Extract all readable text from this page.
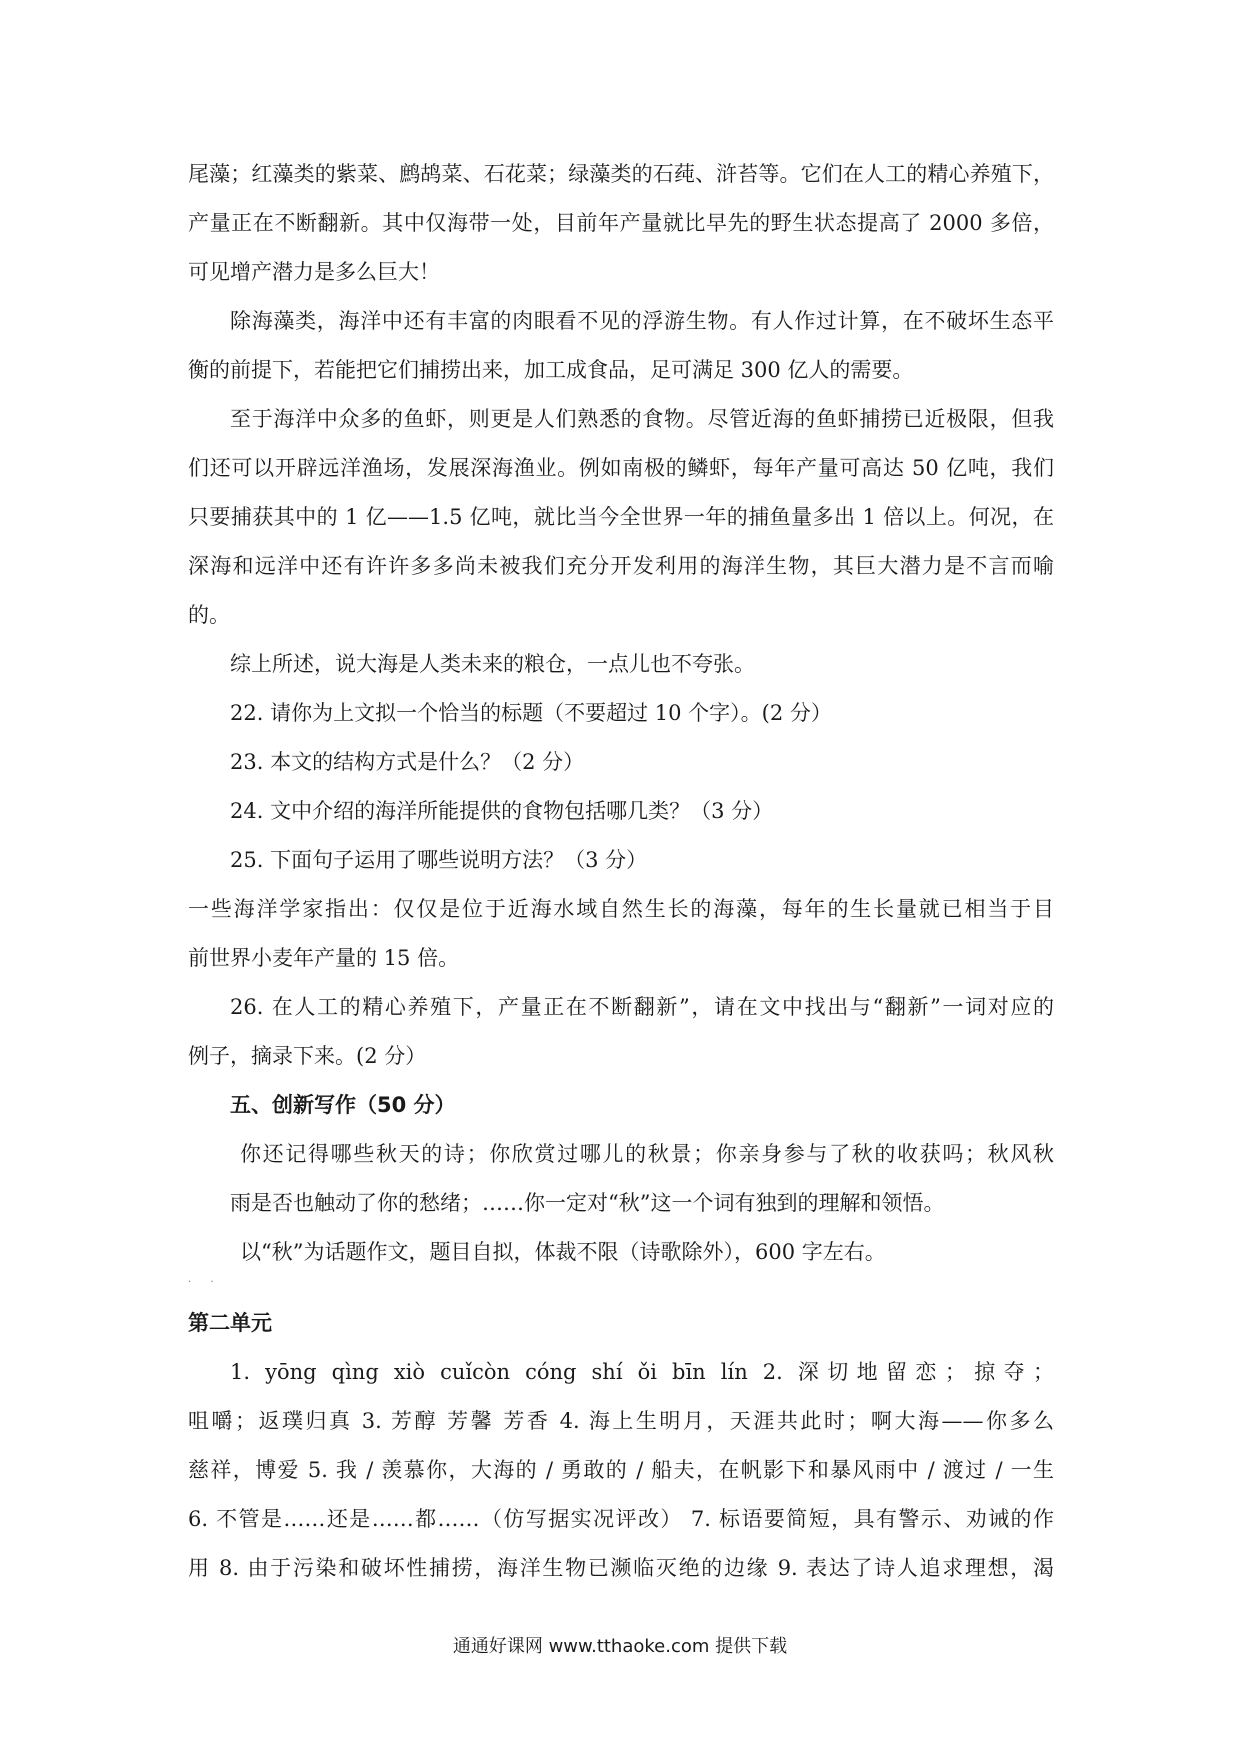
尾藻；红藻类的紫菜、鹧鸪菜、石花菜；绿藻类的石莼、浒苔等。它们在人工的精心养殖下，
产量正在不断翻新。其中仅海带一处，目前年产量就比早先的野生状态提高了 2000 多倍，
可见增产潜力是多么巨大！
除海藻类，海洋中还有丰富的肉眼看不见的浮游生物。有人作过计算，在不破坏生态平
衡的前提下，若能把它们捕捞出来，加工成食品，足可满足 300 亿人的需要。
至于海洋中众多的鱼虾，则更是人们熟悉的食物。尽管近海的鱼虾捕捞已近极限，但我
们还可以开辟远洋渔场，发展深海渔业。例如南极的鳞虾，每年产量可高达 50 亿吨，我们
只要捕获其中的 1 亿——1.5 亿吨，就比当今全世界一年的捕鱼量多出 1 倍以上。何况，在
深海和远洋中还有许许多多尚未被我们充分开发利用的海洋生物，其巨大潜力是不言而喻
的。
综上所述，说大海是人类未来的粮仓，一点儿也不夸张。
22. 请你为上文拟一个恰当的标题（不要超过 10 个字）。(2 分）
23. 本文的结构方式是什么？（2 分）
24. 文中介绍的海洋所能提供的食物包括哪几类？（3 分）
25. 下面句子运用了哪些说明方法？（3 分）
一些海洋学家指出：仅仅是位于近海水域自然生长的海藻，每年的生长量就已相当于目
前世界小麦年产量的 15 倍。
26. 在人工的精心养殖下，产量正在不断翻新”，请在文中找出与“翻新”一词对应的
例子，摘录下来。(2 分）
五、创新写作（50 分）
你还记得哪些秋天的诗；你欣赏过哪儿的秋景；你亲身参与了秋的收获吗；秋风秋
雨是否也触动了你的愁绪；……你一定对“秋”这一个词有独到的理解和领悟。
以“秋”为话题作文，题目自拟，体裁不限（诗歌除外），600 字左右。
· ·
第二单元
1. yōng qìng xiò cuǐcòn cóng shí ǒi bīn lín 2. 深切地留恋；掠夺；
咀嚼；返璞归真 3. 芳醇 芳馨 芳香 4. 海上生明月，天涯共此时；啊大海——你多么
慈祥，博爱 5. 我 / 羡慕你，大海的 / 勇敢的 / 船夫，在帆影下和暴风雨中 / 渡过 / 一生
6. 不管是……还是……都……（仿写据实况评改） 7. 标语要简短，具有警示、劝诫的作
用 8. 由于污染和破坏性捕捞，海洋生物已濒临灭绝的边缘 9. 表达了诗人追求理想，渴
通通好课网 www.tthaoke.com 提供下载
